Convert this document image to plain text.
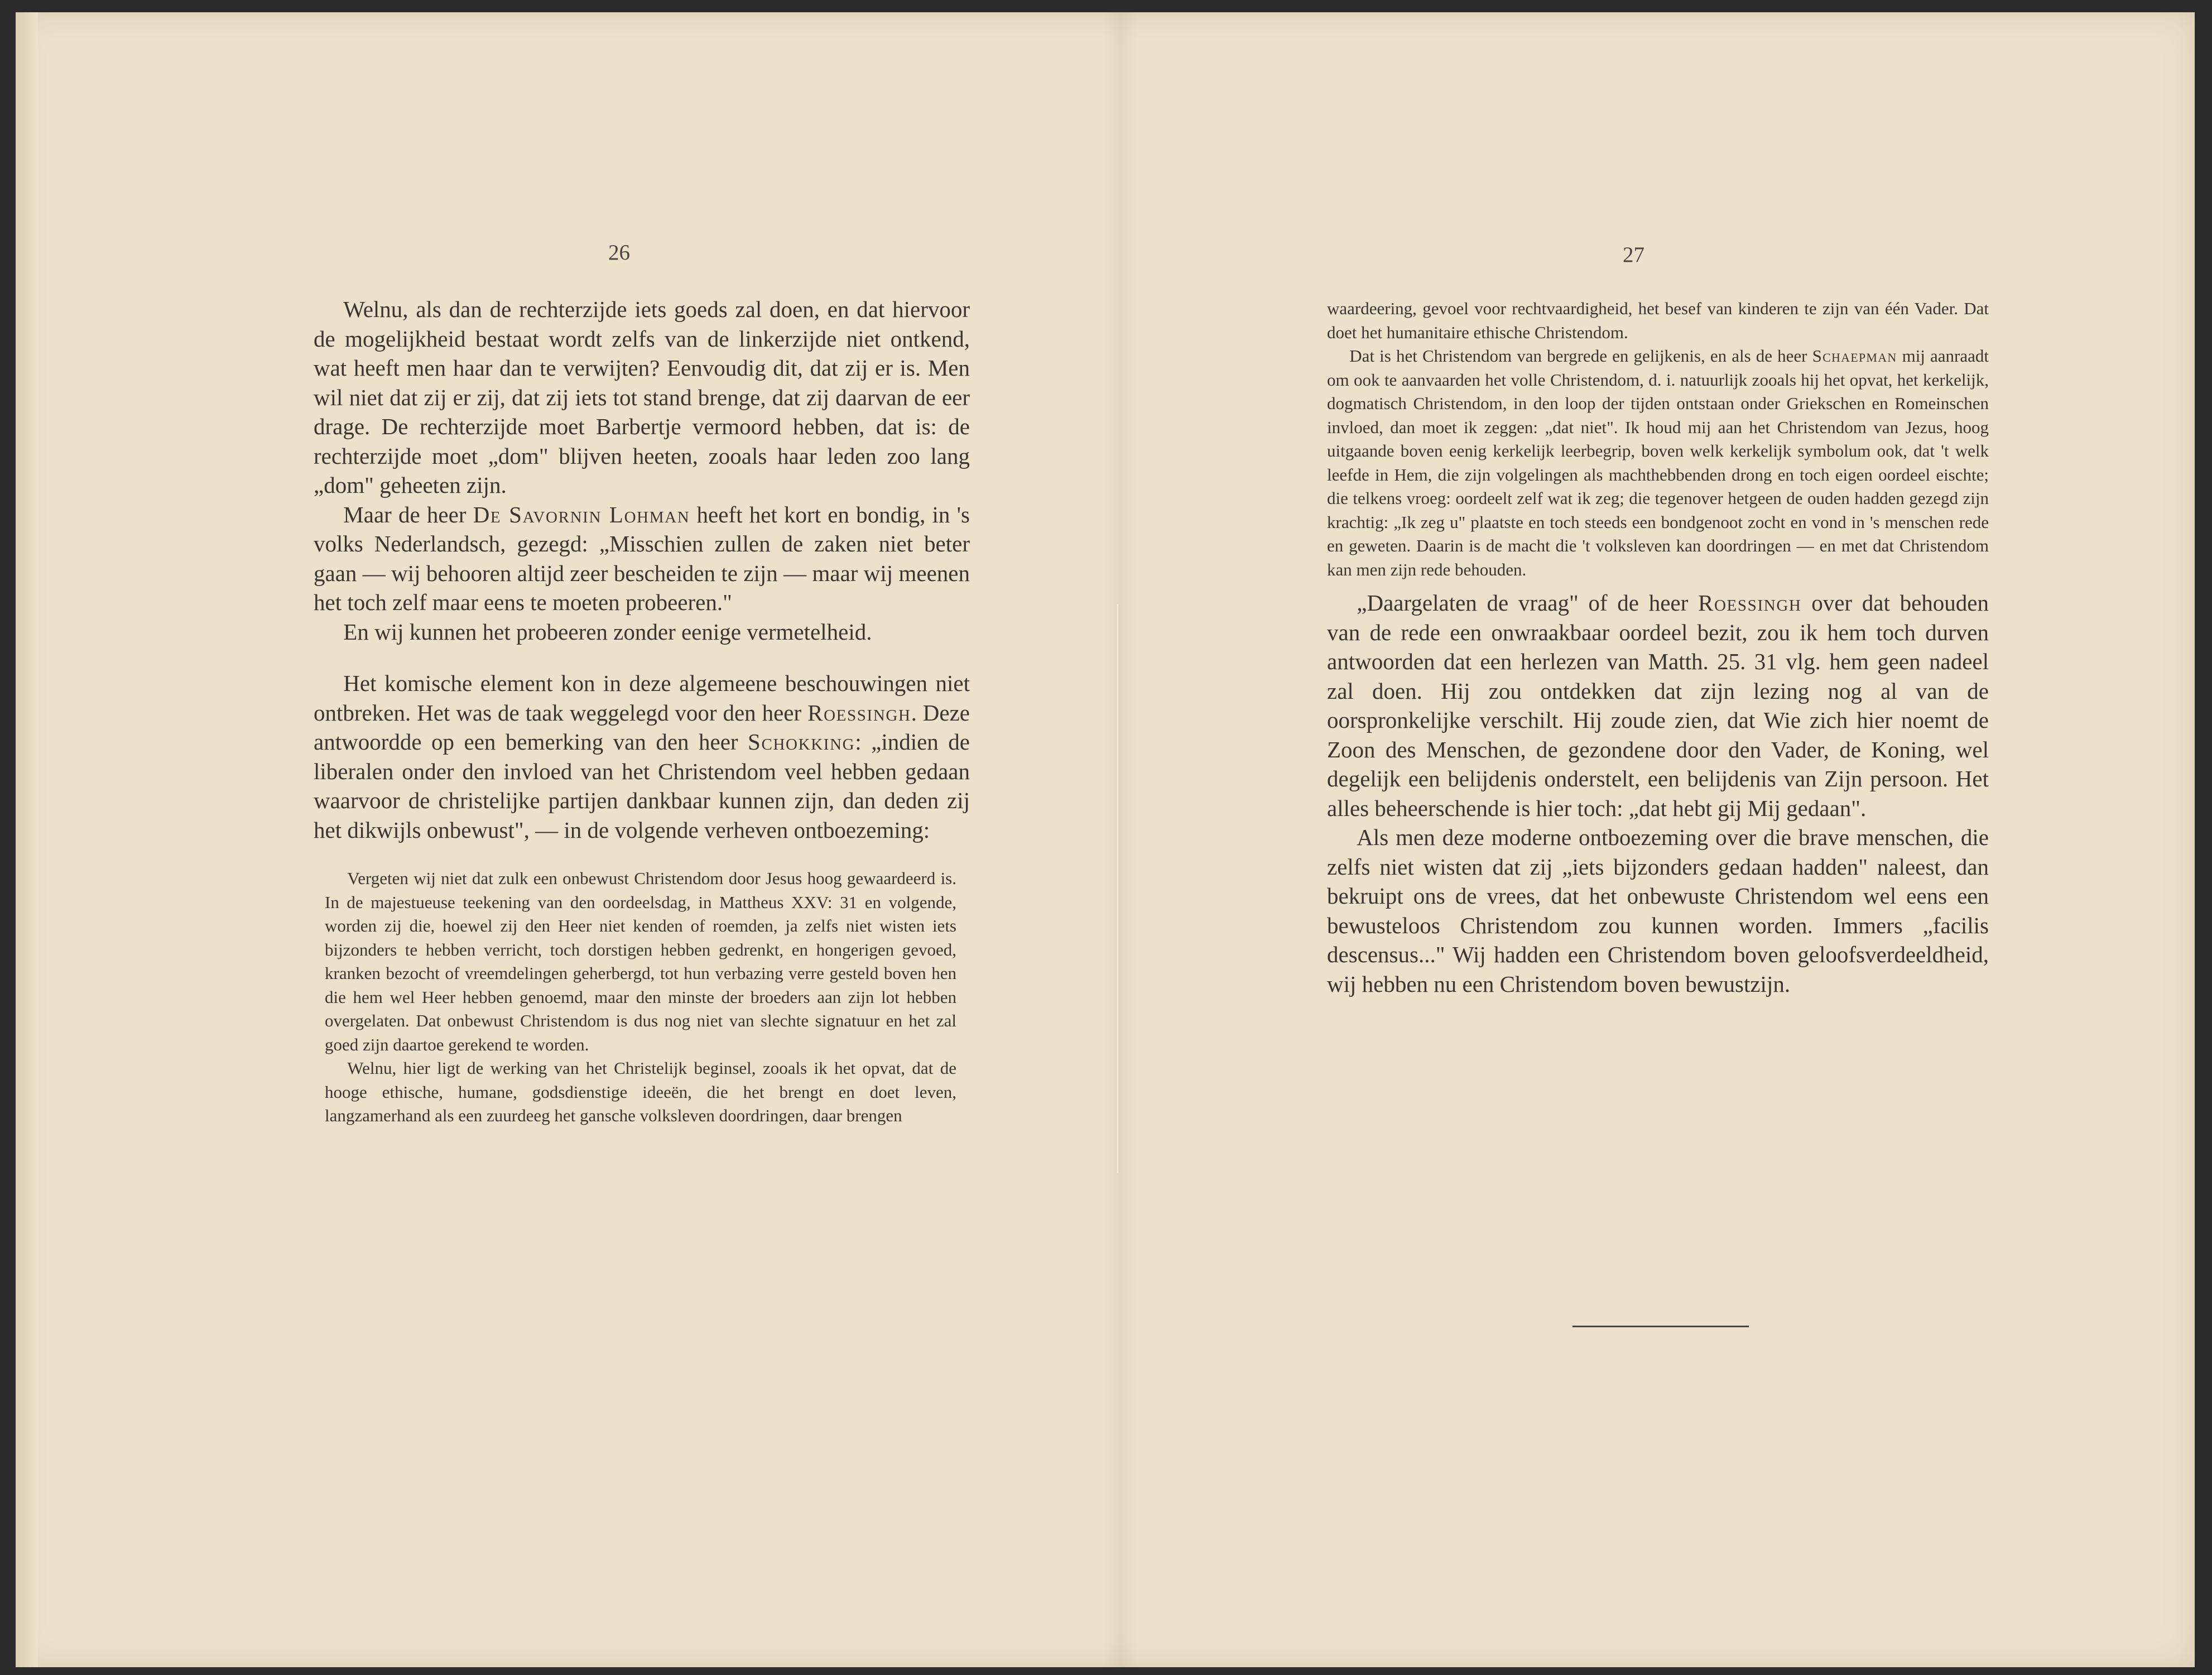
26

Welnu, als dan de rechterzijde iets goeds zal doen, en dat hiervoor de mogelijkheid bestaat wordt zelfs van de linkerzijde niet ontkend, wat heeft men haar dan te verwijten? Eenvoudig dit, dat zij er is. Men wil niet dat zij er zij, dat zij iets tot stand brenge, dat zij daarvan de eer drage. De rechterzijde moet Barbertje vermoord hebben, dat is: de rechterzijde moet „dom" blijven heeten, zooals haar leden zoo lang „dom" geheeten zijn.

Maar de heer De Savornin Lohman heeft het kort en bondig, in 's volks Nederlandsch, gezegd: „Misschien zullen de zaken niet beter gaan — wij behooren altijd zeer bescheiden te zijn — maar wij meenen het toch zelf maar eens te moeten probeeren."

En wij kunnen het probeeren zonder eenige vermetelheid.

Het komische element kon in deze algemeene beschouwingen niet ontbreken. Het was de taak weggelegd voor den heer Roessingh. Deze antwoordde op een bemerking van den heer Schokking: „indien de liberalen onder den invloed van het Christendom veel hebben gedaan waarvoor de christelijke partijen dankbaar kunnen zijn, dan deden zij het dikwijls onbewust", — in de volgende verheven ontboezeming:

Vergeten wij niet dat zulk een onbewust Christendom door Jesus hoog gewaardeerd is. In de majestueuse teekening van den oordeelsdag, in Mattheus XXV: 31 en volgende, worden zij die, hoewel zij den Heer niet kenden of roemden, ja zelfs niet wisten iets bijzonders te hebben verricht, toch dorstigen hebben gedrenkt, en hongerigen gevoed, kranken bezocht of vreemdelingen geherbergd, tot hun verbazing verre gesteld boven hen die hem wel Heer hebben genoemd, maar den minste der broeders aan zijn lot hebben overgelaten. Dat onbewust Christendom is dus nog niet van slechte signatuur en het zal goed zijn daartoe gerekend te worden.

Welnu, hier ligt de werking van het Christelijk beginsel, zooals ik het opvat, dat de hooge ethische, humane, godsdienstige ideeën, die het brengt en doet leven, langzamerhand als een zuurdeeg het gansche volksleven doordringen, daar brengen

27

waardeering, gevoel voor rechtvaardigheid, het besef van kinderen te zijn van één Vader. Dat doet het humanitaire ethische Christendom.

Dat is het Christendom van bergrede en gelijkenis, en als de heer Schaepman mij aanraadt om ook te aanvaarden het volle Christendom, d. i. natuurlijk zooals hij het opvat, het kerkelijk, dogmatisch Christendom, in den loop der tijden ontstaan onder Griekschen en Romeinschen invloed, dan moet ik zeggen: „dat niet". Ik houd mij aan het Christendom van Jezus, hoog uitgaande boven eenig kerkelijk leerbegrip, boven welk kerkelijk symbolum ook, dat 't welk leefde in Hem, die zijn volgelingen als machthebbenden drong en toch eigen oordeel eischte; die telkens vroeg: oordeelt zelf wat ik zeg; die tegenover hetgeen de ouden hadden gezegd zijn krachtig: „Ik zeg u" plaatste en toch steeds een bondgenoot zocht en vond in 's menschen rede en geweten. Daarin is de macht die 't volksleven kan doordringen — en met dat Christendom kan men zijn rede behouden.

„Daargelaten de vraag" of de heer Roessingh over dat behouden van de rede een onwraakbaar oordeel bezit, zou ik hem toch durven antwoorden dat een herlezen van Matth. 25. 31 vlg. hem geen nadeel zal doen. Hij zou ontdekken dat zijn lezing nog al van de oorspronkelijke verschilt. Hij zoude zien, dat Wie zich hier noemt de Zoon des Menschen, de gezondene door den Vader, de Koning, wel degelijk een belijdenis onderstelt, een belijdenis van Zijn persoon. Het alles beheerschende is hier toch: „dat hebt gij Mij gedaan".

Als men deze moderne ontboezeming over die brave menschen, die zelfs niet wisten dat zij „iets bijzonders gedaan hadden" naleest, dan bekruipt ons de vrees, dat het onbewuste Christendom wel eens een bewusteloos Christendom zou kunnen worden. Immers „facilis descensus..." Wij hadden een Christendom boven geloofsverdeeldheid, wij hebben nu een Christendom boven bewustzijn.
